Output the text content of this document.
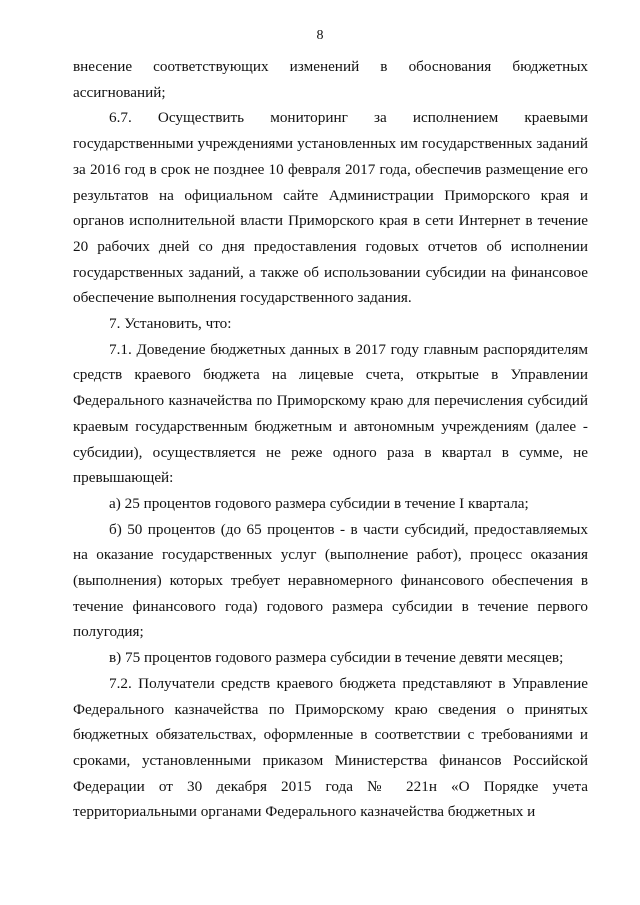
8

внесение соответствующих изменений в обоснования бюджетных ассигнований;

6.7. Осуществить мониторинг за исполнением краевыми государственными учреждениями установленных им государственных заданий за 2016 год в срок не позднее 10 февраля 2017 года, обеспечив размещение его результатов на официальном сайте Администрации Приморского края и органов исполнительной власти Приморского края в сети Интернет в течение 20 рабочих дней со дня предоставления годовых отчетов об исполнении государственных заданий, а также об использовании субсидии на финансовое обеспечение выполнения государственного задания.

7. Установить, что:

7.1. Доведение бюджетных данных в 2017 году главным распорядителям средств краевого бюджета на лицевые счета, открытые в Управлении Федерального казначейства по Приморскому краю для перечисления субсидий краевым государственным бюджетным и автономным учреждениям (далее - субсидии), осуществляется не реже одного раза в квартал в сумме, не превышающей:

а) 25 процентов годового размера субсидии в течение I квартала;

б) 50 процентов (до 65 процентов - в части субсидий, предоставляемых на оказание государственных услуг (выполнение работ), процесс оказания (выполнения) которых требует неравномерного финансового обеспечения в течение финансового года) годового размера субсидии в течение первого полугодия;

в) 75 процентов годового размера субсидии в течение девяти месяцев;

7.2. Получатели средств краевого бюджета представляют в Управление Федерального казначейства по Приморскому краю сведения о принятых бюджетных обязательствах, оформленные в соответствии с требованиями и сроками, установленными приказом Министерства финансов Российской Федерации от 30 декабря 2015 года № 221н «О Порядке учета территориальными органами Федерального казначейства бюджетных и
